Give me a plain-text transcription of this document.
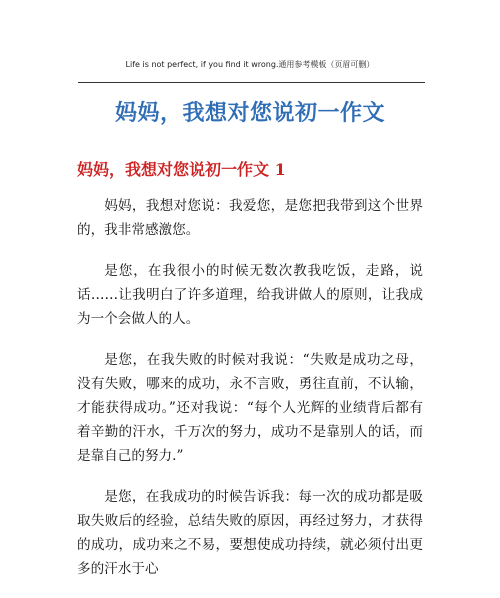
Life is not perfect, if you find it wrong.通用参考模板（页眉可删）
妈妈，我想对您说初一作文
妈妈，我想对您说初一作文 1

妈妈，我想对您说：我爱您，是您把我带到这个世界的，我非常感激您。

是您，在我很小的时候无数次教我吃饭，走路，说话……让我明白了许多道理，给我讲做人的原则，让我成为一个会做人的人。

是您，在我失败的时候对我说：“失败是成功之母，没有失败，哪来的成功，永不言败，勇往直前，不认输，才能获得成功。”还对我说：“每个人光辉的业绩背后都有着辛勤的汗水，千万次的努力，成功不是靠别人的话，而是靠自己的努力.”

是您，在我成功的时候告诉我：每一次的成功都是吸取失败后的经验，总结失败的原因，再经过努力，才获得的成功，成功来之不易，要想使成功持续，就必须付出更多的汗水于心
